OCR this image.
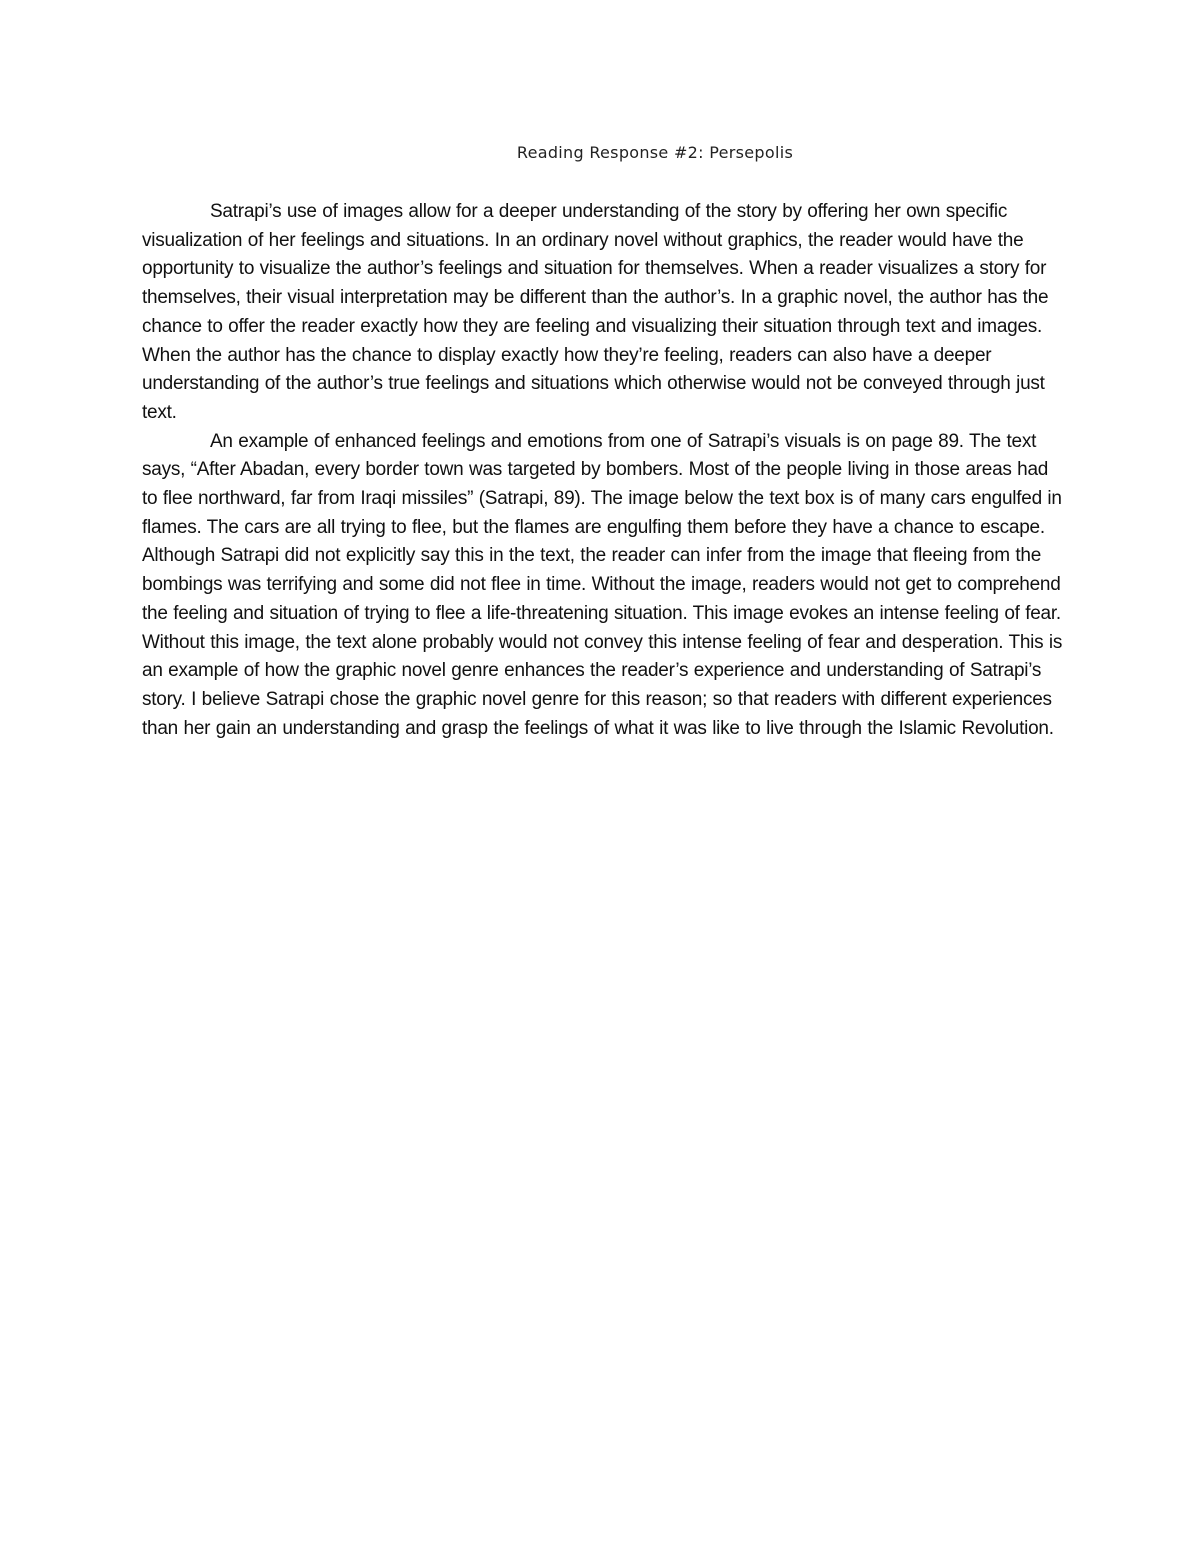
Reading Response #2: Persepolis

Satrapi’s use of images allow for a deeper understanding of the story by offering her own specific visualization of her feelings and situations. In an ordinary novel without graphics, the reader would have the opportunity to visualize the author’s feelings and situation for themselves. When a reader visualizes a story for themselves, their visual interpretation may be different than the author’s. In a graphic novel, the author has the chance to offer the reader exactly how they are feeling and visualizing their situation through text and images. When the author has the chance to display exactly how they’re feeling, readers can also have a deeper understanding of the author’s true feelings and situations which otherwise would not be conveyed through just text.

An example of enhanced feelings and emotions from one of Satrapi’s visuals is on page 89. The text says, “After Abadan, every border town was targeted by bombers. Most of the people living in those areas had to flee northward, far from Iraqi missiles” (Satrapi, 89). The image below the text box is of many cars engulfed in flames. The cars are all trying to flee, but the flames are engulfing them before they have a chance to escape. Although Satrapi did not explicitly say this in the text, the reader can infer from the image that fleeing from the bombings was terrifying and some did not flee in time. Without the image, readers would not get to comprehend the feeling and situation of trying to flee a life-threatening situation. This image evokes an intense feeling of fear. Without this image, the text alone probably would not convey this intense feeling of fear and desperation. This is an example of how the graphic novel genre enhances the reader’s experience and understanding of Satrapi’s story. I believe Satrapi chose the graphic novel genre for this reason; so that readers with different experiences than her gain an understanding and grasp the feelings of what it was like to live through the Islamic Revolution.
